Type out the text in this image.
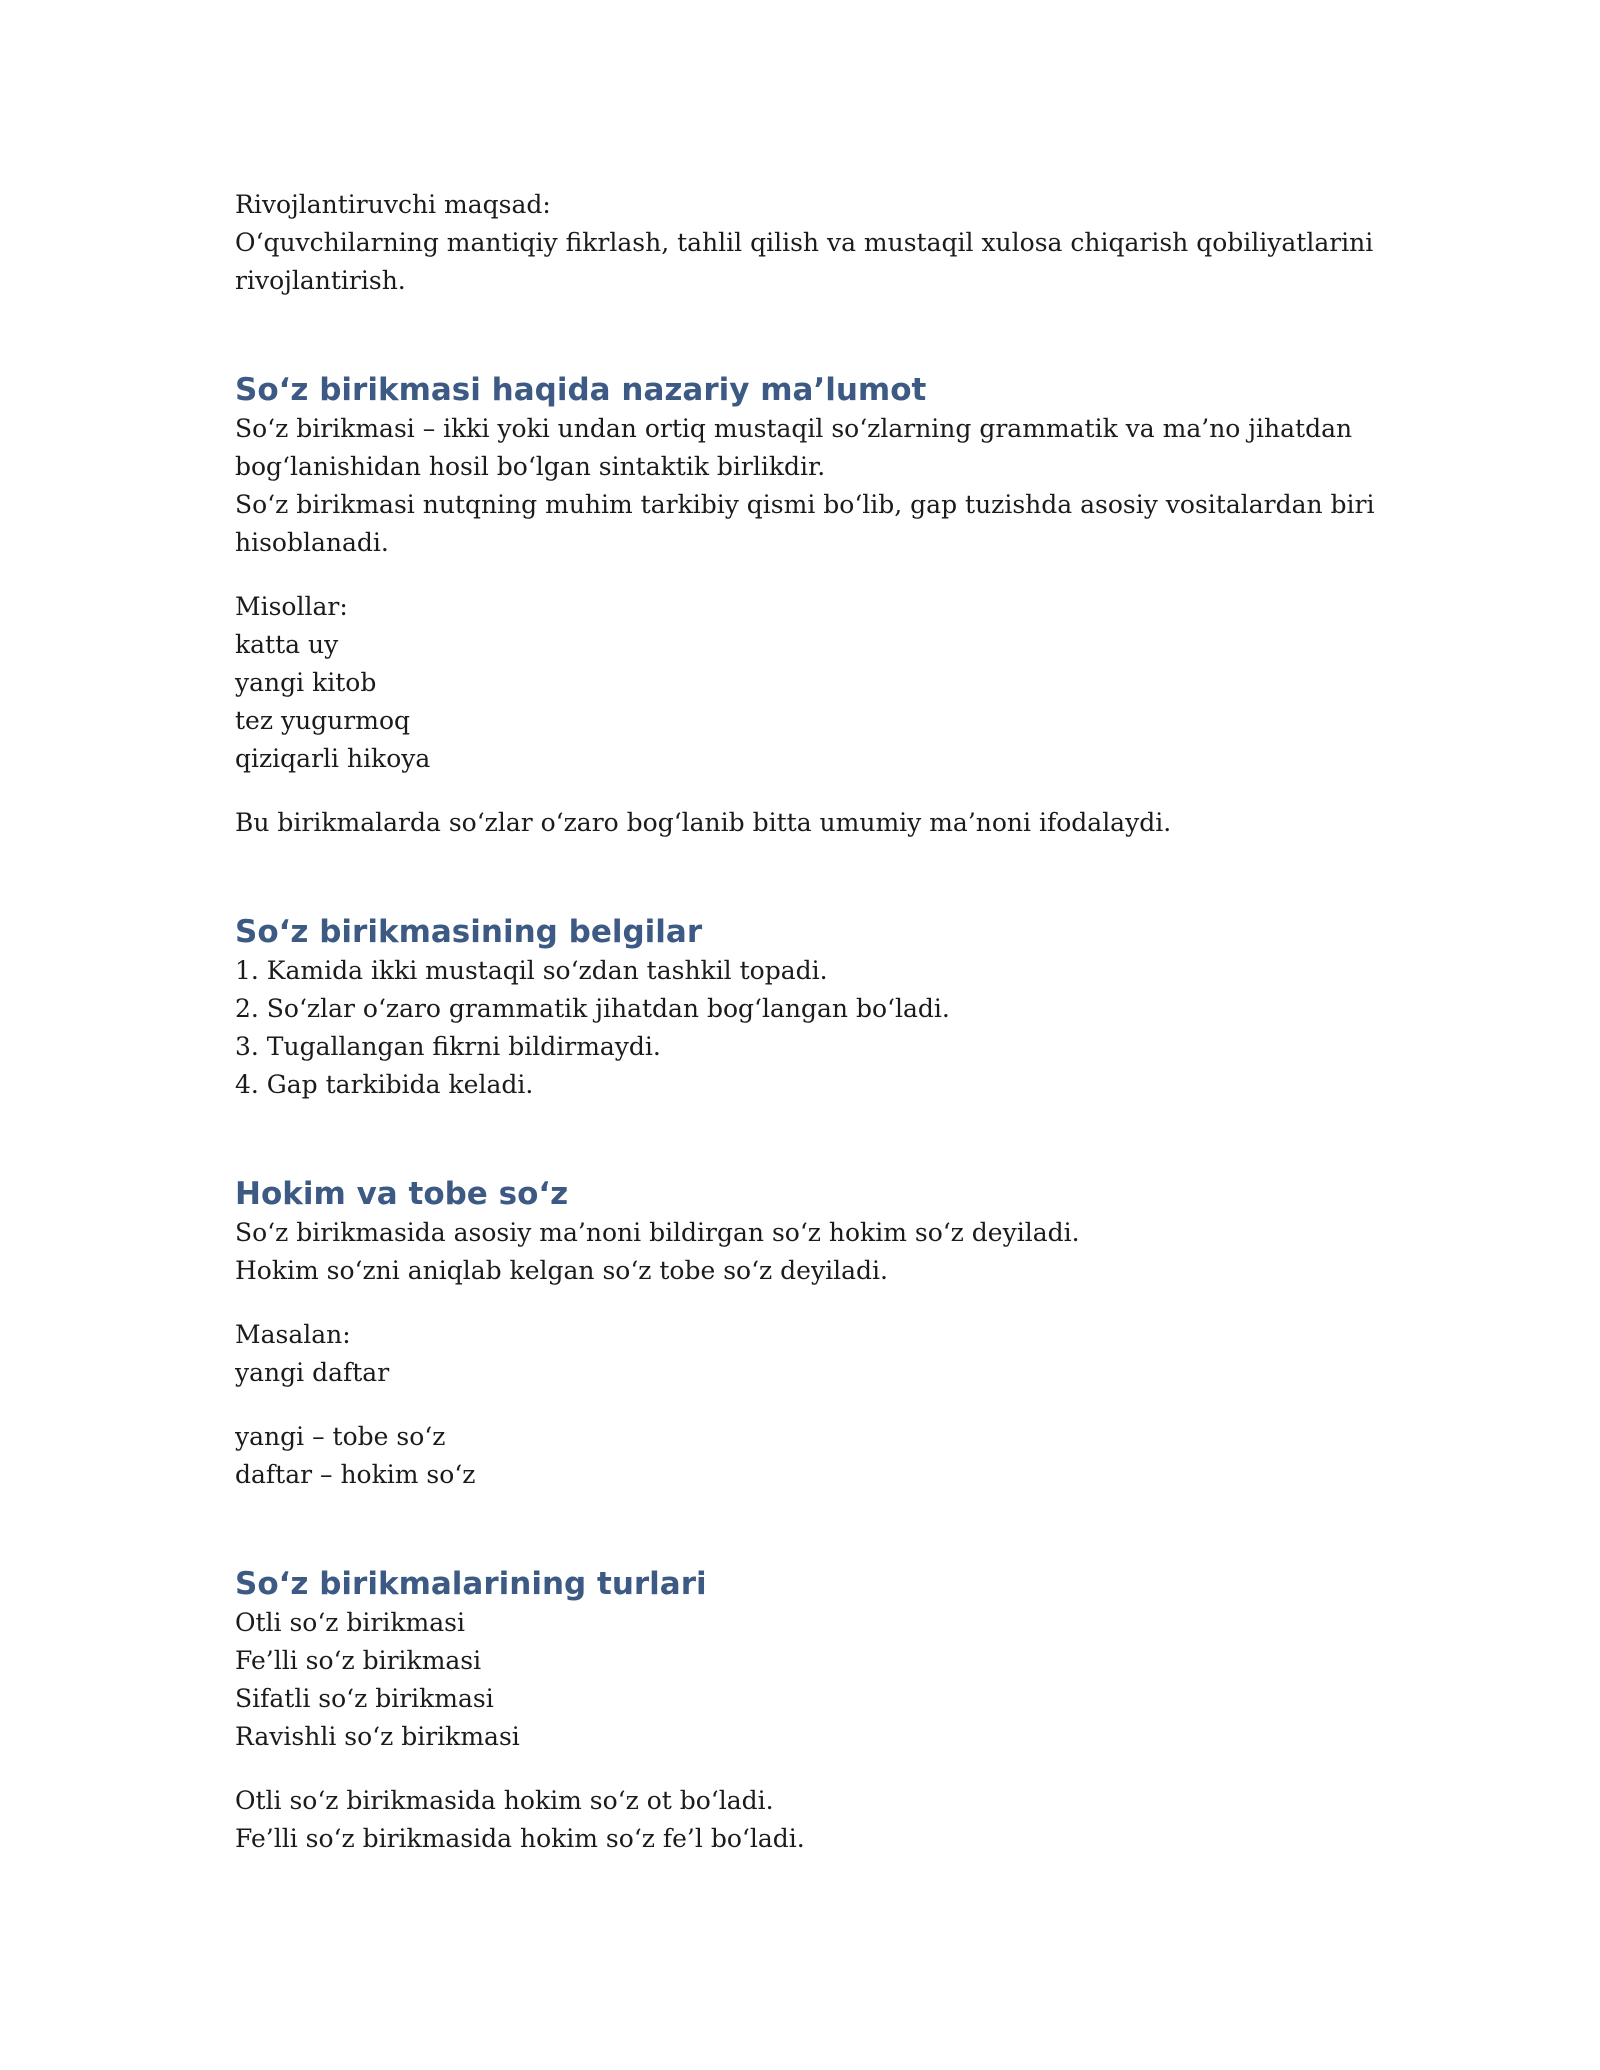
Rivojlantiruvchi maqsad:
O‘quvchilarning mantiqiy fikrlash, tahlil qilish va mustaqil xulosa chiqarish qobiliyatlarini
rivojlantirish.

So‘z birikmasi haqida nazariy ma’lumot

So‘z birikmasi – ikki yoki undan ortiq mustaqil so‘zlarning grammatik va ma’no jihatdan
bog‘lanishidan hosil bo‘lgan sintaktik birlikdir.
So‘z birikmasi nutqning muhim tarkibiy qismi bo‘lib, gap tuzishda asosiy vositalardan biri
hisoblanadi.

Misollar:
katta uy
yangi kitob
tez yugurmoq
qiziqarli hikoya

Bu birikmalarda so‘zlar o‘zaro bog‘lanib bitta umumiy ma’noni ifodalaydi.

So‘z birikmasining belgilar

1. Kamida ikki mustaqil so‘zdan tashkil topadi.
2. So‘zlar o‘zaro grammatik jihatdan bog‘langan bo‘ladi.
3. Tugallangan fikrni bildirmaydi.
4. Gap tarkibida keladi.

Hokim va tobe so‘z

So‘z birikmasida asosiy ma’noni bildirgan so‘z hokim so‘z deyiladi.
Hokim so‘zni aniqlab kelgan so‘z tobe so‘z deyiladi.

Masalan:
yangi daftar

yangi – tobe so‘z
daftar – hokim so‘z

So‘z birikmalarining turlari

Otli so‘z birikmasi
Fe’lli so‘z birikmasi
Sifatli so‘z birikmasi
Ravishli so‘z birikmasi

Otli so‘z birikmasida hokim so‘z ot bo‘ladi.
Fe’lli so‘z birikmasida hokim so‘z fe’l bo‘ladi.
